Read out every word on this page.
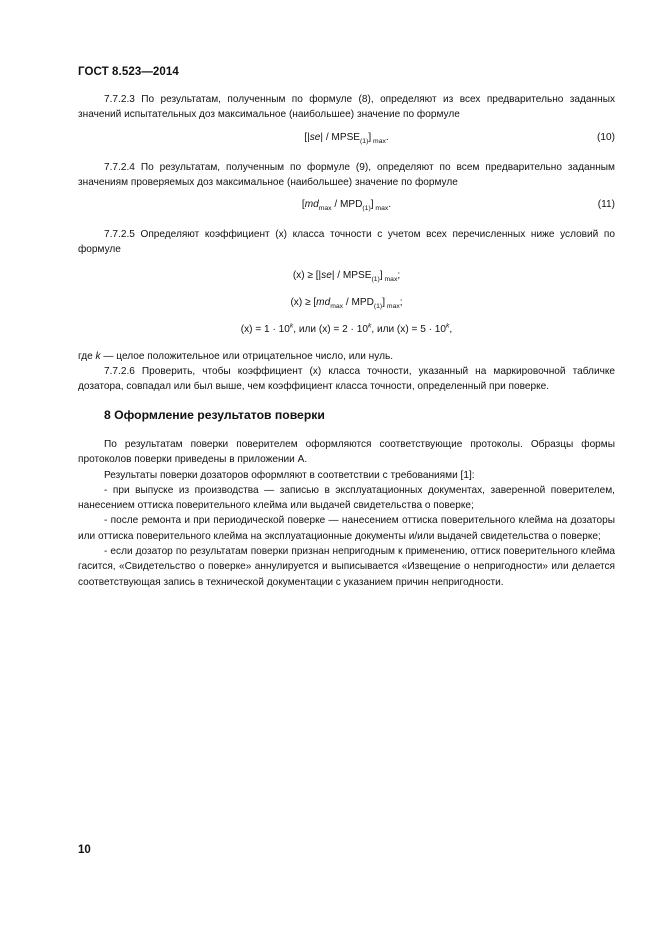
ГОСТ 8.523—2014

7.7.2.3 По результатам, полученным по формуле (8), определяют из всех предварительно заданных значений испытательных доз максимальное (наибольшее) значение по формуле

$[|se| / MPSE_{(1)}]$ $_{max}$.	(10)

7.7.2.4 По результатам, полученным по формуле (9), определяют по всем предварительно заданным значениям проверяемых доз максимальное (наибольшее) значение по формуле

$[md_{max} / MPD_{(1)}]$ $_{max}$.	(11)

7.7.2.5 Определяют коэффициент (х) класса точности с учетом всех перечисленных ниже условий по формуле

$(х) \ge [|se| / MPSE_{(1)}]$ $_{max}$;
$(х) \ge [md_{max} / MPD_{(1)}]$ $_{max}$;
$(х) = 1 \cdot 10^k$, или $(х) = 2 \cdot 10^k$, или $(х) = 5 \cdot 10^k$,

где k — целое положительное или отрицательное число, или нуль.

7.7.2.6 Проверить, чтобы коэффициент (х) класса точности, указанный на маркировочной табличке дозатора, совпадал или был выше, чем коэффициент класса точности, определенный при поверке.

8 Оформление результатов поверки

По результатам поверки поверителем оформляются соответствующие протоколы. Образцы формы протоколов поверки приведены в приложении А.

Результаты поверки дозаторов оформляют в соответствии с требованиями [1]:

- при выпуске из производства — записью в эксплуатационных документах, заверенной поверителем, нанесением оттиска поверительного клейма или выдачей свидетельства о поверке;

- после ремонта и при периодической поверке — нанесением оттиска поверительного клейма на дозаторы или оттиска поверительного клейма на эксплуатационные документы и/или выдачей свидетельства о поверке;

- если дозатор по результатам поверки признан непригодным к применению, оттиск поверительного клейма гасится, «Свидетельство о поверке» аннулируется и выписывается «Извещение о непригодности» или делается соответствующая запись в технической документации с указанием причин непригодности.

10
